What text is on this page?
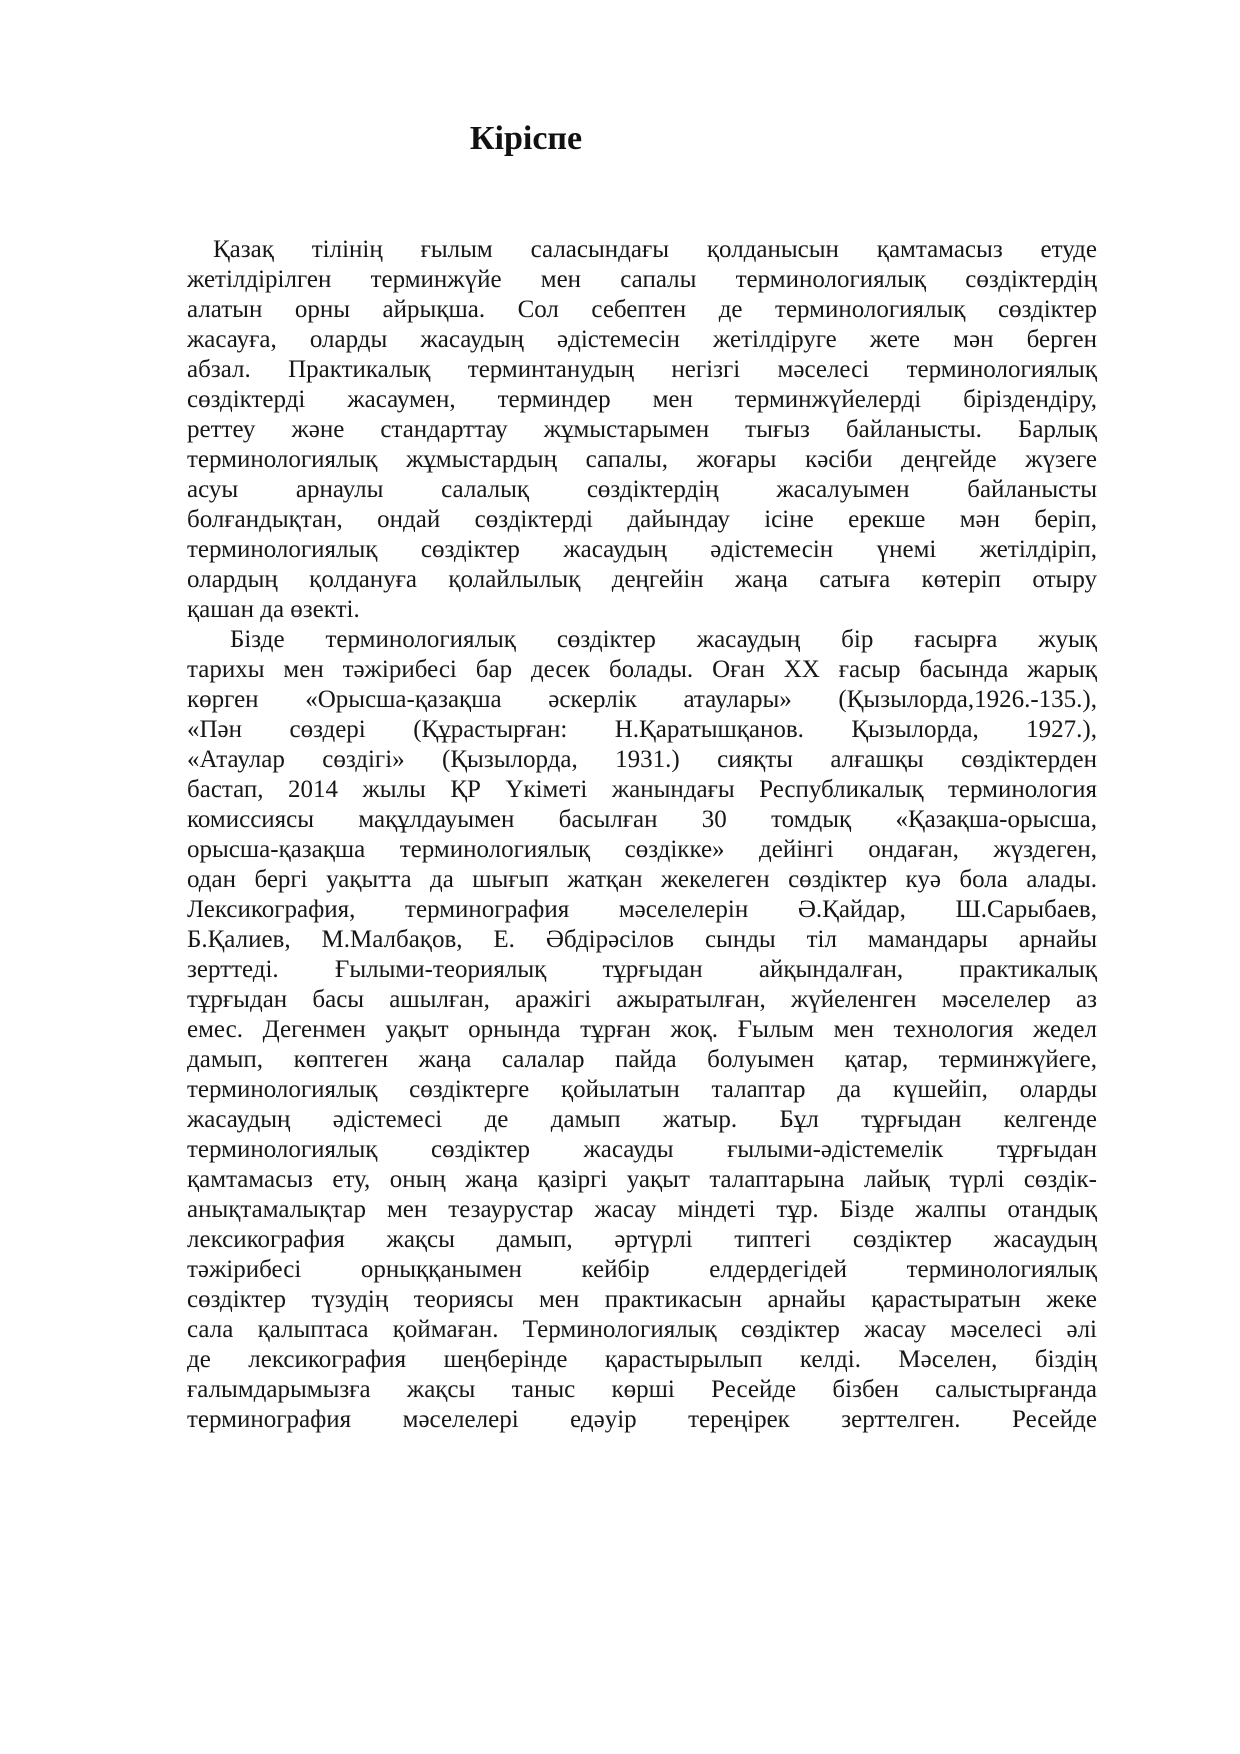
Кіріспе
Қазақ тілінің ғылым саласындағы қолданысын қамтамасыз етуде
жетілдірілген терминжүйе мен сапалы терминологиялық сөздіктердің
алатын орны айрықша. Сол себептен де терминологиялық сөздіктер
жасауға, оларды жасаудың әдістемесін жетілдіруге жете мән берген
абзал. Практикалық терминтанудың негізгі мәселесі терминологиялық
сөздіктерді жасаумен, терминдер мен терминжүйелерді біріздендіру,
реттеу және стандарттау жұмыстарымен тығыз байланысты. Барлық
терминологиялық жұмыстардың сапалы, жоғары кәсіби деңгейде жүзеге
асуы арнаулы салалық сөздіктердің жасалуымен байланысты
болғандықтан, ондай сөздіктерді дайындау ісіне ерекше мән беріп,
терминологиялық сөздіктер жасаудың әдістемесін үнемі жетілдіріп,
олардың қолдануға қолайлылық деңгейін жаңа сатыға көтеріп отыру
қашан да өзекті.
Бізде терминологиялық сөздіктер жасаудың бір ғасырға жуық
тарихы мен тәжірибесі бар десек болады. Оған ХХ ғасыр басында жарық
көрген «Орысша-қазақша әскерлік атаулары» (Қызылорда,1926.-135.),
«Пән сөздері (Құрастырған: Н.Қаратышқанов. Қызылорда, 1927.),
«Атаулар сөздігі» (Қызылорда, 1931.) сияқты алғашқы сөздіктерден
бастап, 2014 жылы ҚР Үкіметі жанындағы Республикалық терминология
комиссиясы мақұлдауымен басылған 30 томдық «Қазақша-орысша,
орысша-қазақша терминологиялық сөздікке» дейінгі ондаған, жүздеген,
одан бергі уақытта да шығып жатқан жекелеген сөздіктер куә бола алады.
Лексикография, терминография мәселелерін Ә.Қайдар, Ш.Сарыбаев,
Б.Қалиев, М.Малбақов, Е. Әбдірәсілов сынды тіл мамандары арнайы
зерттеді. Ғылыми-теориялық тұрғыдан айқындалған, практикалық
тұрғыдан басы ашылған, аражігі ажыратылған, жүйеленген мәселелер аз
емес. Дегенмен уақыт орнында тұрған жоқ. Ғылым мен технология жедел
дамып, көптеген жаңа салалар пайда болуымен қатар, терминжүйеге,
терминологиялық сөздіктерге қойылатын талаптар да күшейіп, оларды
жасаудың әдістемесі де дамып жатыр. Бұл тұрғыдан келгенде
терминологиялық сөздіктер жасауды ғылыми-әдістемелік тұрғыдан
қамтамасыз ету, оның жаңа қазіргі уақыт талаптарына лайық түрлі сөздік-
анықтамалықтар мен тезаурустар жасау міндеті тұр. Бізде жалпы отандық
лексикография жақсы дамып, әртүрлі типтегі сөздіктер жасаудың
тәжірибесі орныққанымен кейбір елдердегідей терминологиялық
сөздіктер түзудің теориясы мен практикасын арнайы қарастыратын жеке
сала қалыптаса қоймаған. Терминологиялық сөздіктер жасау мәселесі әлі
де лексикография шеңберінде қарастырылып келді. Мәселен, біздің
ғалымдарымызға жақсы таныс көрші Ресейде бізбен салыстырғанда
терминография мәселелері едәуір тереңірек зерттелген. Ресейде
